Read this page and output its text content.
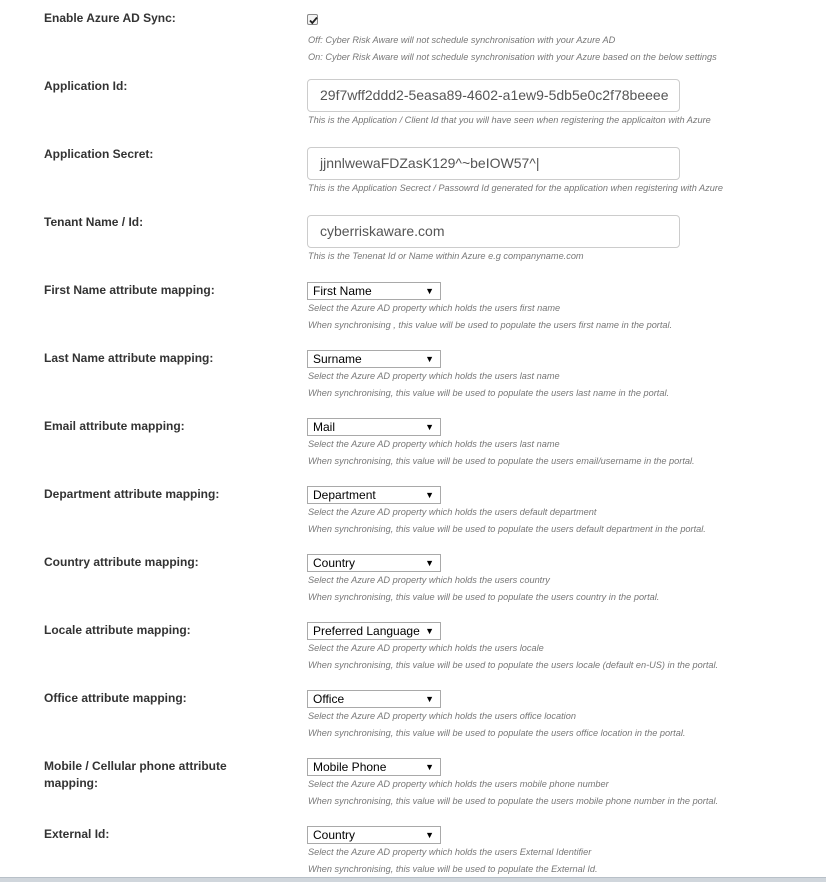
Enable Azure AD Sync:
Off: Cyber Risk Aware will not schedule synchronisation with your Azure AD
On: Cyber Risk Aware will not schedule synchronisation with your Azure based on the below settings
Application Id:
29f7wff2ddd2-5easa89-4602-a1ew9-5db5e0c2f78beeee
This is the Application / Client Id that you will have seen when registering the applicaiton with Azure
Application Secret:
jjnnlwewaFDZasK129^~beIOW57^|
This is the Application Secrect / Passowrd Id generated for the application when registering with Azure
Tenant Name / Id:
cyberriskaware.com
This is the Tenenat Id or Name within Azure e.g companyname.com
First Name attribute mapping:	First Name	▼
Select the Azure AD property which holds the users first name
When synchronising , this value will be used to populate the users first name in the portal.
Last Name attribute mapping:	Surname	▼
Select the Azure AD property which holds the users last name
When synchronising, this value will be used to populate the users last name in the portal.
Email attribute mapping:	Mail	▼
Select the Azure AD property which holds the users last name
When synchronising, this value will be used to populate the users email/username in the portal.
Department attribute mapping:	Department	▼
Select the Azure AD property which holds the users default department
When synchronising, this value will be used to populate the users default department in the portal.
Country attribute mapping:	Country	▼
Select the Azure AD property which holds the users country
When synchronising, this value will be used to populate the users country in the portal.
Locale attribute mapping:	Preferred Language ▼
Select the Azure AD property which holds the users locale
When synchronising, this value will be used to populate the users locale (default en-US) in the portal.
Office attribute mapping:	Office	▼
Select the Azure AD property which holds the users office location
When synchronising, this value will be used to populate the users office location in the portal.
Mobile / Cellular phone attribute mapping:
Mobile Phone	▼
Select the Azure AD property which holds the users mobile phone number
When synchronising, this value will be used to populate the users mobile phone number in the portal.
External Id:	Country	▼
Select the Azure AD property which holds the users External Identifier
When synchronising, this value will be used to populate the External Id.
